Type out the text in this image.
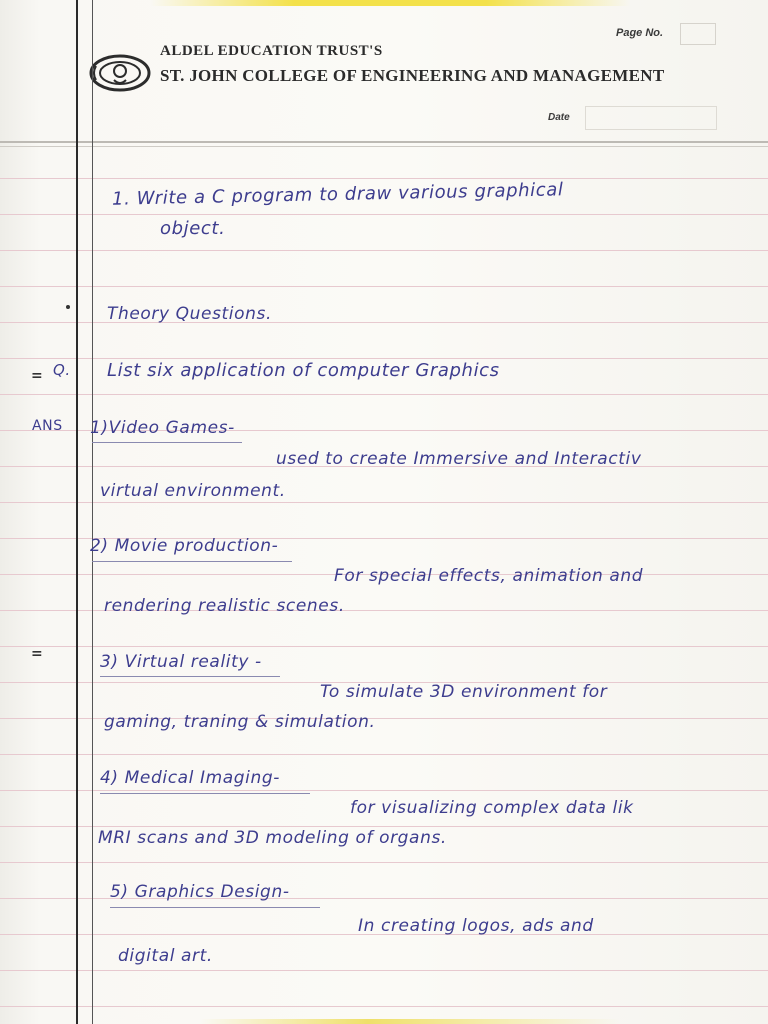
ALDEL EDUCATION TRUST'S
ST. JOHN COLLEGE OF ENGINEERING AND MANAGEMENT
Page No.
Date
1. Write a C program to draw various graphical
object.
Theory Questions.
= Q. List six application of computer Graphics
ANS 1)Video Games-
used to create Immersive and Interactiv
virtual environment.
2) Movie production-
For special effects, animation and
rendering realistic scenes.
=	3) Virtual reality -
To simulate 3D environment for
gaming, traning & simulation.
4) Medical Imaging-
for visualizing complex data lik
MRI scans and 3D modeling of organs.
5) Graphics Design-
In creating logos, ads and
digital art.
